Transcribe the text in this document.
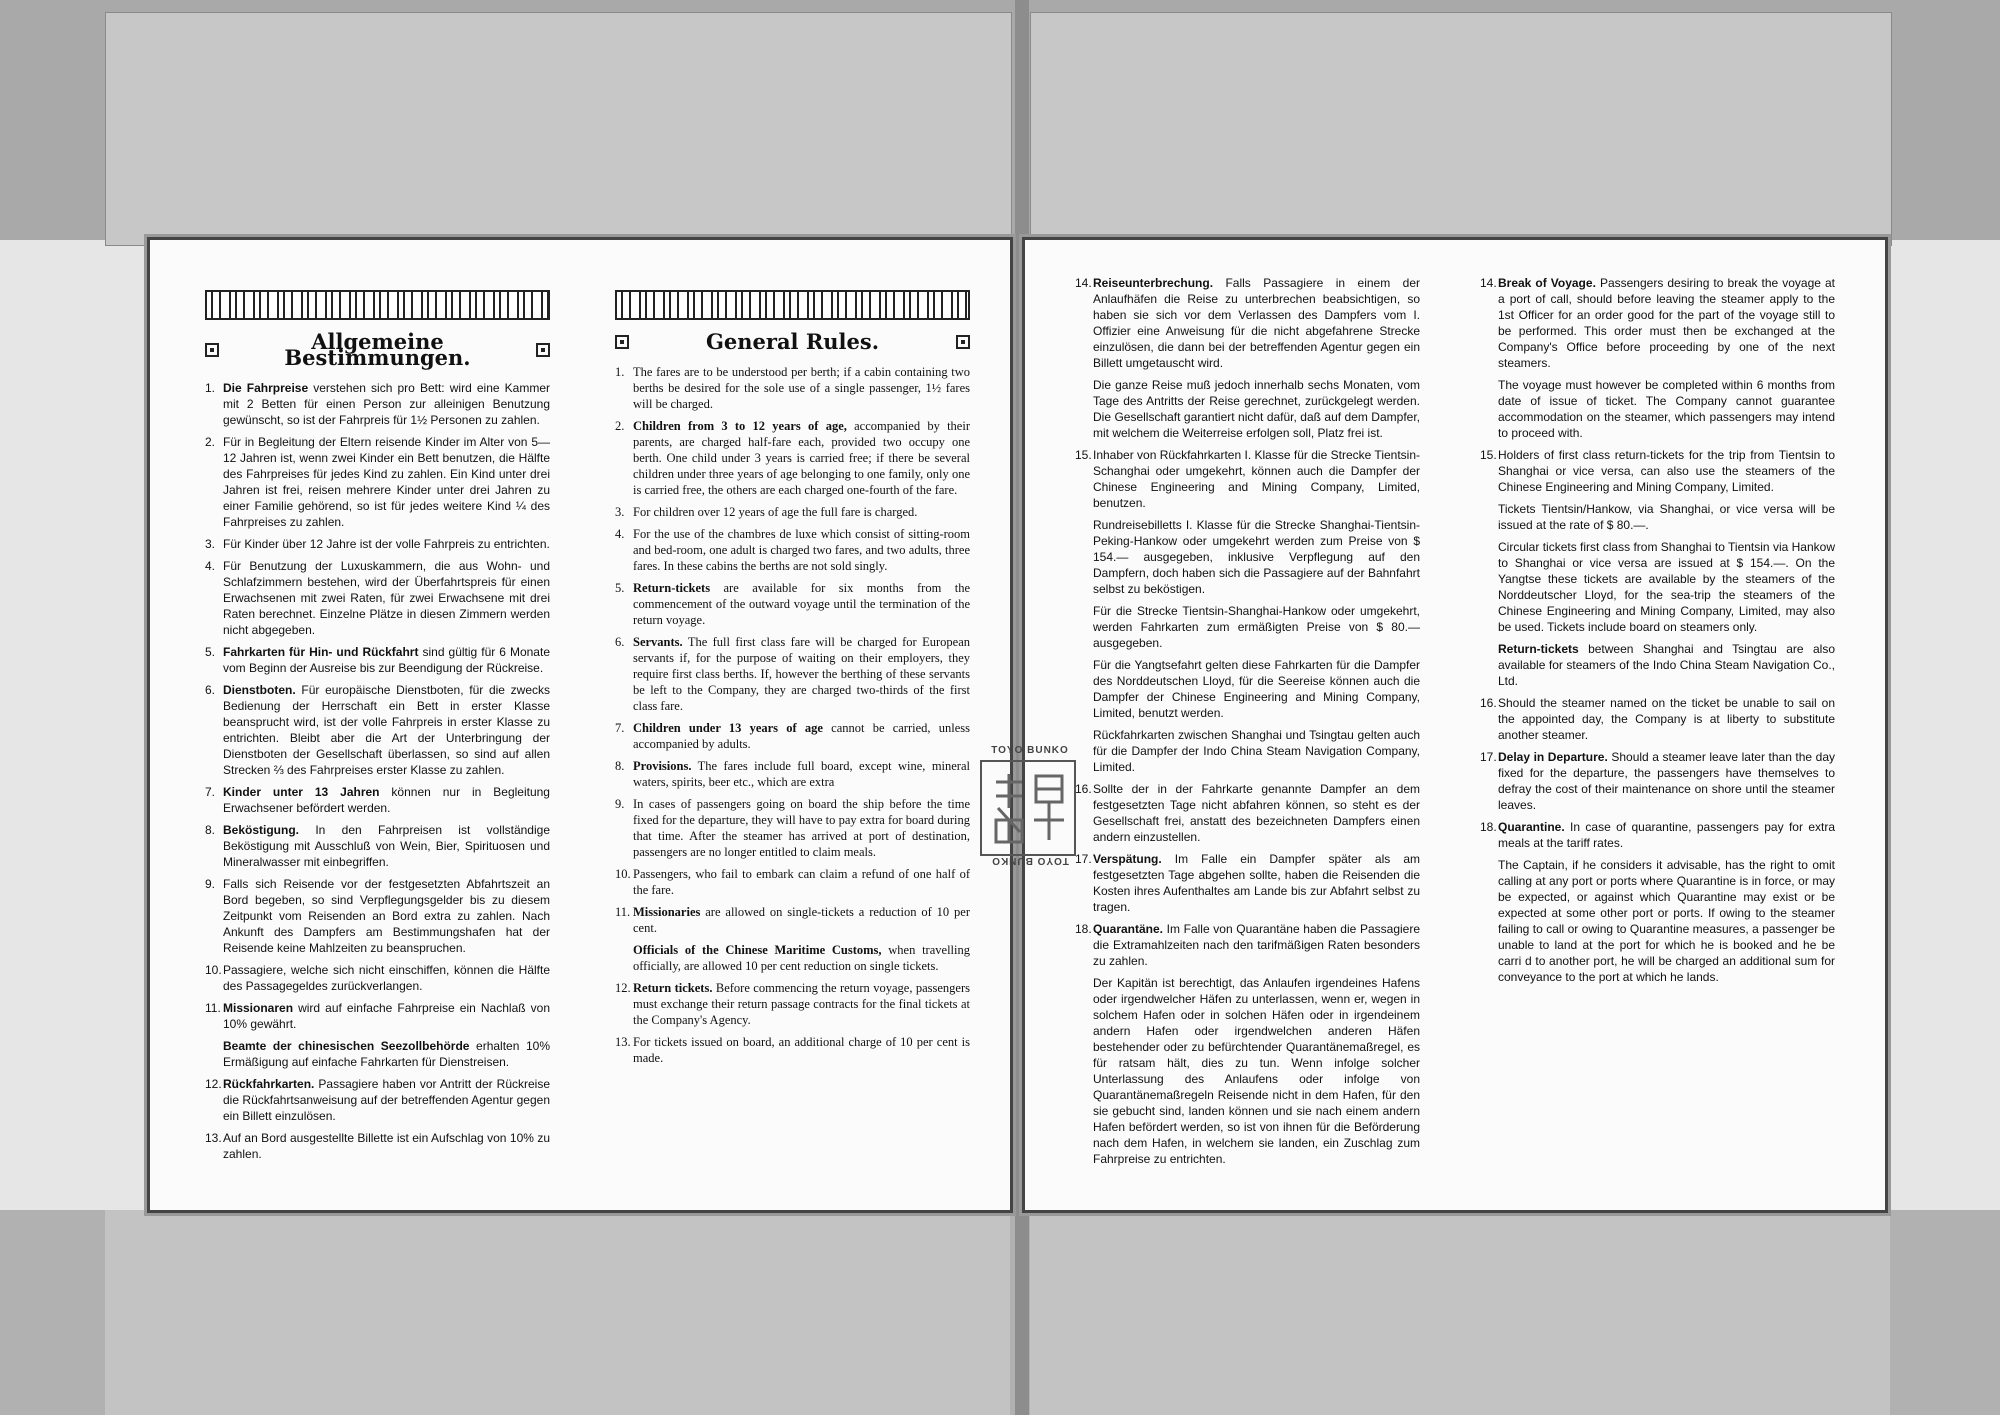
Allgemeine Bestimmungen.
1. Die Fahrpreise verstehen sich pro Bett: wird eine Kammer mit 2 Betten für einen Person zur alleinigen Benutzung gewünscht, so ist der Fahrpreis für 1½ Personen zu zahlen.
2. Für in Begleitung der Eltern reisende Kinder im Alter von 5—12 Jahren ist, wenn zwei Kinder ein Bett benutzen, die Hälfte des Fahrpreises für jedes Kind zu zahlen. Ein Kind unter drei Jahren ist frei, reisen mehrere Kinder unter drei Jahren zu einer Familie gehörend, so ist für jedes weitere Kind ¼ des Fahrpreises zu zahlen.
3. Für Kinder über 12 Jahre ist der volle Fahrpreis zu entrichten.
4. Für Benutzung der Luxuskammern, die aus Wohn- und Schlafzimmern bestehen, wird der Überfahrtspreis für einen Erwachsenen mit zwei Raten, für zwei Erwachsene mit drei Raten berechnet. Einzelne Plätze in diesen Zimmern werden nicht abgegeben.
5. Fahrkarten für Hin- und Rückfahrt sind gültig für 6 Monate vom Beginn der Ausreise bis zur Beendigung der Rückreise.
6. Dienstboten. Für europäische Dienstboten, für die zwecks Bedienung der Herrschaft ein Bett in erster Klasse beansprucht wird, ist der volle Fahrpreis in erster Klasse zu entrichten. Bleibt aber die Art der Unterbringung der Dienstboten der Gesellschaft überlassen, so sind auf allen Strecken ⅔ des Fahrpreises erster Klasse zu zahlen.
7. Kinder unter 13 Jahren können nur in Begleitung Erwachsener befördert werden.
8. Beköstigung. In den Fahrpreisen ist vollständige Beköstigung mit Ausschluß von Wein, Bier, Spirituosen und Mineralwasser mit einbegriffen.
9. Falls sich Reisende vor der festgesetzten Abfahrtszeit an Bord begeben, so sind Verpflegungsgelder bis zu diesem Zeitpunkt vom Reisenden an Bord extra zu zahlen. Nach Ankunft des Dampfers am Bestimmungshafen hat der Reisende keine Mahlzeiten zu beanspruchen.
10.Passagiere, welche sich nicht einschiffen, können die Hälfte des Passagegeldes zurückverlangen.
11. Missionaren wird auf einfache Fahrpreise ein Nachlaß von 10% gewährt.
Beamte der chinesischen Seezollbehörde erhalten 10% Ermäßigung auf einfache Fahrkarten für Dienstreisen.
12.Rückfahrkarten. Passagiere haben vor Antritt der Rückreise die Rückfahrtsanweisung auf der betreffenden Agentur gegen ein Billett einzulösen.
13.Auf an Bord ausgestellte Billette ist ein Aufschlag von 10% zu zahlen.
General Rules.
1. The fares are to be understood per berth; if a cabin containing two berths be desired for the sole use of a single passenger, 1½ fares will be charged.
2. Children from 3 to 12 years of age, accompanied by their parents, are charged half-fare each, provided two occupy one berth. One child under 3 years is carried free; if there be several children under three years of age belonging to one family, only one is carried free, the others are each charged one-fourth of the fare.
3. For children over 12 years of age the full fare is charged.
4. For the use of the chambres de luxe which consist of sitting-room and bed-room, one adult is charged two fares, and two adults, three fares. In these cabins the berths are not sold singly.
5. Return-tickets are available for six months from the commencement of the outward voyage until the termination of the return voyage.
6. Servants. The full first class fare will be charged for European servants if, for the purpose of waiting on their employers, they require first class berths. If, however the berthing of these servants be left to the Company, they are charged two-thirds of the first class fare.
7. Children under 13 years of age cannot be carried, unless accompanied by adults.
8. Provisions. The fares include full board, except wine, mineral waters, spirits, beer etc., which are extra
9. In cases of passengers going on board the ship before the time fixed for the departure, they will have to pay extra for board during that time. After the steamer has arrived at port of destination, passengers are no longer entitled to claim meals.
10. Passengers, who fail to embark can claim a refund of one half of the fare.
11. Missionaries are allowed on single-tickets a reduction of 10 per cent.
Officials of the Chinese Maritime Customs, when travelling officially, are allowed 10 per cent reduction on single tickets.
12. Return tickets. Before commencing the return voyage, passengers must exchange their return passage contracts for the final tickets at the Company's Agency.
13. For tickets issued on board, an additional charge of 10 per cent is made.
14.Reiseunterbrechung. Falls Passagiere in einem der Anlaufhäfen die Reise zu unterbrechen beabsichtigen, so haben sie sich vor dem Verlassen des Dampfers vom I. Offizier eine Anweisung für die nicht abgefahrene Strecke einzulösen, die dann bei der betreffenden Agentur gegen ein Billett umgetauscht wird.
Die ganze Reise muß jedoch innerhalb sechs Monaten, vom Tage des Antritts der Reise gerechnet, zurückgelegt werden. Die Gesellschaft garantiert nicht dafür, daß auf dem Dampfer, mit welchem die Weiterreise erfolgen soll, Platz frei ist.
15.Inhaber von Rückfahrkarten I. Klasse für die Strecke Tientsin-Schanghai oder umgekehrt, können auch die Dampfer der Chinese Engineering and Mining Company, Limited, benutzen.
Rundreisebilletts I. Klasse für die Strecke Shanghai-Tientsin-Peking-Hankow oder umgekehrt werden zum Preise von $ 154.— ausgegeben, inklusive Verpflegung auf den Dampfern, doch haben sich die Passagiere auf der Bahnfahrt selbst zu beköstigen.
Für die Strecke Tientsin-Shanghai-Hankow oder umgekehrt, werden Fahrkarten zum ermäßigten Preise von $ 80.— ausgegeben.
Für die Yangtsefahrt gelten diese Fahrkarten für die Dampfer des Norddeutschen Lloyd, für die Seereise können auch die Dampfer der Chinese Engineering and Mining Company, Limited, benutzt werden.
Rückfahrkarten zwischen Shanghai und Tsingtau gelten auch für die Dampfer der Indo China Steam Navigation Company, Limited.
16.Sollte der in der Fahrkarte genannte Dampfer an dem festgesetzten Tage nicht abfahren können, so steht es der Gesellschaft frei, anstatt des bezeichneten Dampfers einen andern einzustellen.
17.Verspätung. Im Falle ein Dampfer später als am festgesetzten Tage abgehen sollte, haben die Reisenden die Kosten ihres Aufenthaltes am Lande bis zur Abfahrt selbst zu tragen.
18.Quarantäne. Im Falle von Quarantäne haben die Passagiere die Extramahlzeiten nach den tarifmäßigen Raten besonders zu zahlen.
Der Kapitän ist berechtigt, das Anlaufen irgendeines Hafens oder irgendwelcher Häfen zu unterlassen, wenn er, wegen in solchem Hafen oder in solchen Häfen oder in irgendeinem andern Hafen oder irgendwelchen anderen Häfen bestehender oder zu befürchtender Quarantänemaßregel, es für ratsam hält, dies zu tun. Wenn infolge solcher Unterlassung des Anlaufens oder infolge von Quarantänemaßregeln Reisende nicht in dem Hafen, für den sie gebucht sind, landen können und sie nach einem andern Hafen befördert werden, so ist von ihnen für die Beförderung nach dem Hafen, in welchem sie landen, ein Zuschlag zum Fahrpreise zu entrichten.
14.Break of Voyage. Passengers desiring to break the voyage at a port of call, should before leaving the steamer apply to the 1st Officer for an order good for the part of the voyage still to be performed. This order must then be exchanged at the Company's Office before proceeding by one of the next steamers.
The voyage must however be completed within 6 months from date of issue of ticket. The Company cannot guarantee accommodation on the steamer, which passengers may intend to proceed with.
15.Holders of first class return-tickets for the trip from Tientsin to Shanghai or vice versa, can also use the steamers of the Chinese Engineering and Mining Company, Limited.
Tickets Tientsin/Hankow, via Shanghai, or vice versa will be issued at the rate of $ 80.—.
Circular tickets first class from Shanghai to Tientsin via Hankow to Shanghai or vice versa are issued at $ 154.—. On the Yangtse these tickets are available by the steamers of the Norddeutscher Lloyd, for the sea-trip the steamers of the Chinese Engineering and Mining Company, Limited, may also be used. Tickets include board on steamers only.
Return-tickets between Shanghai and Tsingtau are also available for steamers of the Indo China Steam Navigation Co., Ltd.
16.Should the steamer named on the ticket be unable to sail on the appointed day, the Company is at liberty to substitute another steamer.
17.Delay in Departure. Should a steamer leave later than the day fixed for the departure, the passengers have themselves to defray the cost of their maintenance on shore until the steamer leaves.
18.Quarantine. In case of quarantine, passengers pay for extra meals at the tariff rates.
The Captain, if he considers it advisable, has the right to omit calling at any port or ports where Quarantine is in force, or may be expected, or against which Quarantine may exist or be expected at some other port or ports. If owing to the steamer failing to call or owing to Quarantine measures, a passenger be unable to land at the port for which he is booked and he be carri d to another port, he will be charged an additional sum for conveyance to the port at which he lands.
TOYO BUNKO
TOYO BUNKO
